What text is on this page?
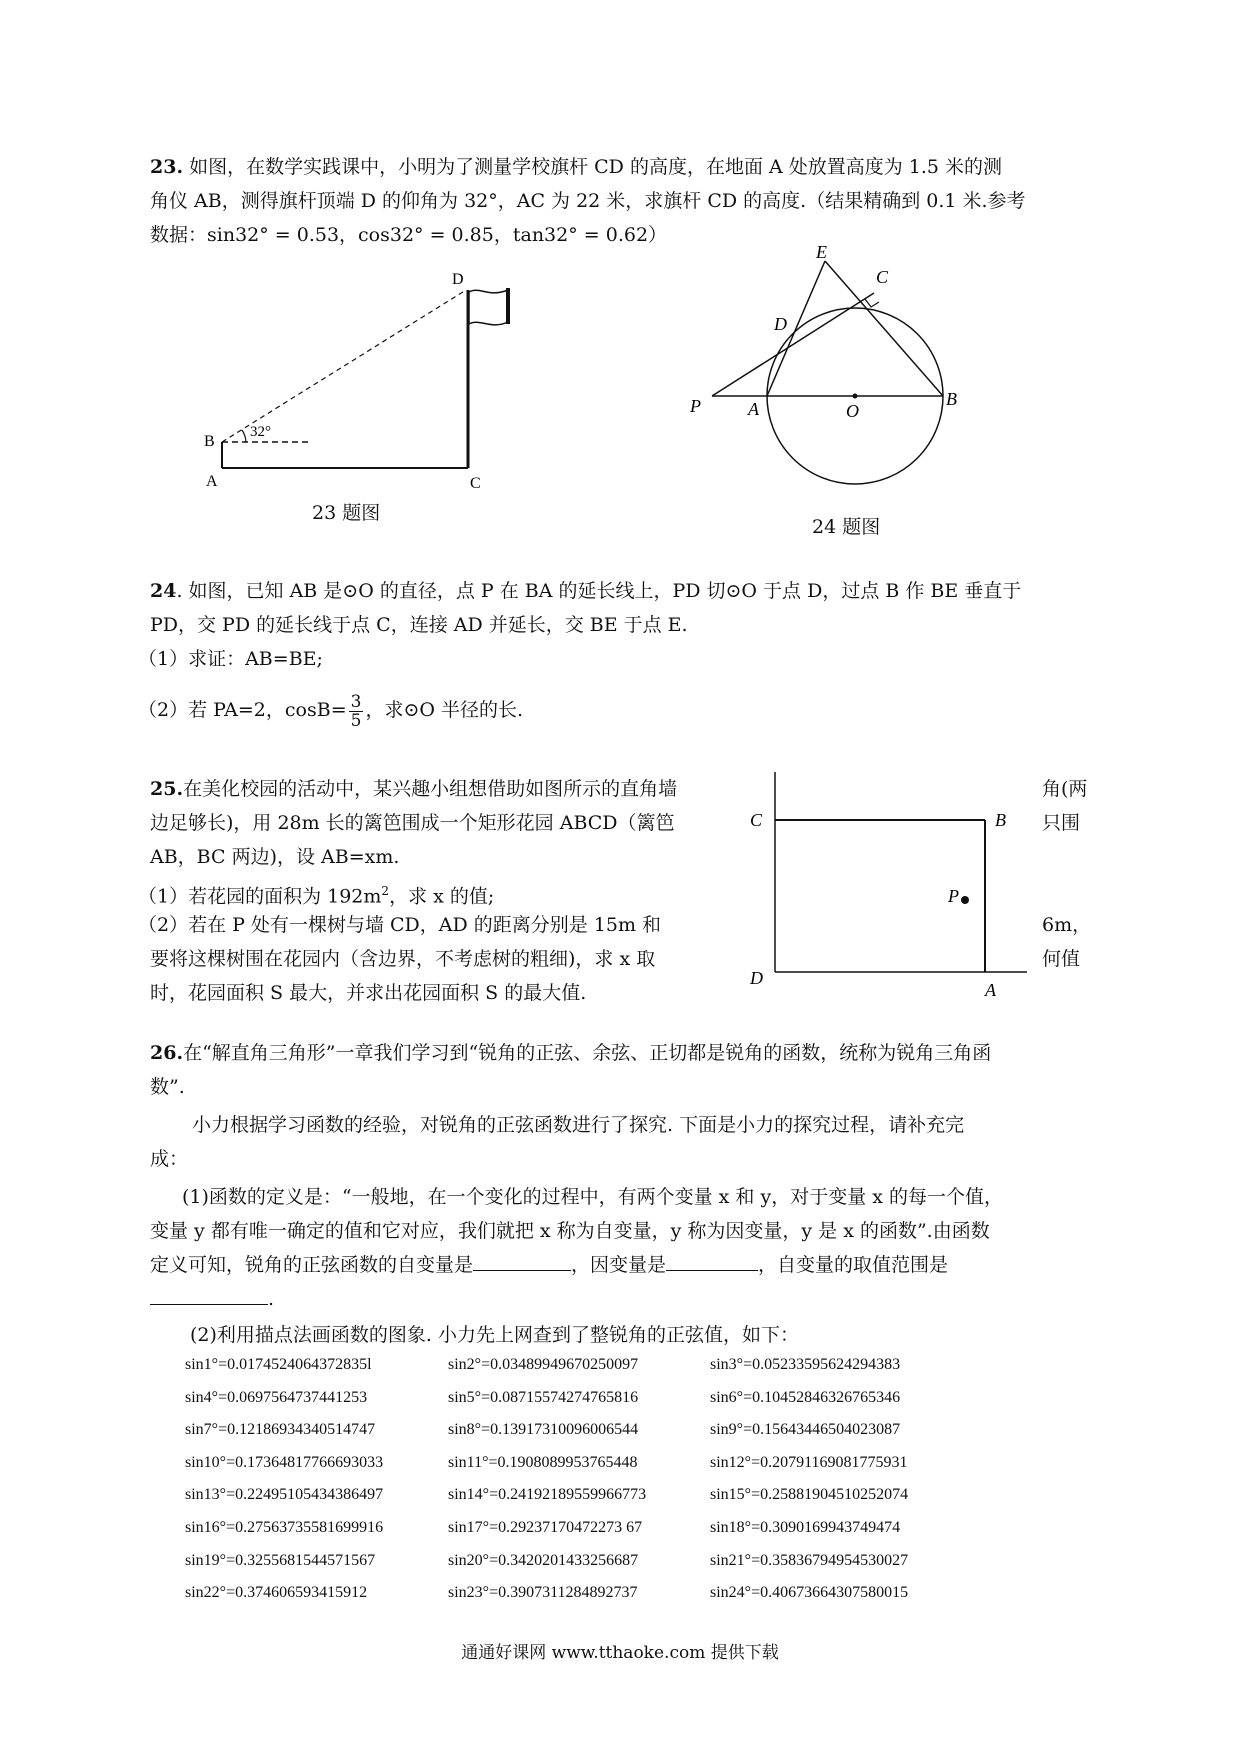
23. 如图，在数学实践课中，小明为了测量学校旗杆 CD 的高度，在地面 A 处放置高度为 1.5 米的测
角仪 AB，测得旗杆顶端 D 的仰角为 32°，AC 为 22 米，求旗杆 CD 的高度.（结果精确到 0.1 米.参考
数据：sin32° = 0.53，cos32° = 0.85，tan32° = 0.62）
32°
B
A	C
D
23 题图
E
C
D
P	A	O
B
24 题图
24. 如图，已知 AB 是⊙O 的直径，点 P 在 BA 的延长线上，PD 切⊙O 于点 D，过点 B 作 BE 垂直于
PD，交 PD 的延长线于点 C，连接 AD 并延长，交 BE 于点 E.
（1）求证：AB=BE;
（2）若 PA=2，$\cos B= \frac{3}{5}$ ，求⊙O 半径的长.
25.在美化校园的活动中，某兴趣小组想借助如图所示的直角墙	角(两
边足够长)，用 28m 长的篱笆围成一个矩形花园 ABCD（篱笆	只围
AB，BC 两边)，设 AB=xm.
（1）若花园的面积为 $192m^2$，求 x 的值;
（2）若在 P 处有一棵树与墙 CD，AD 的距离分别是 15m 和	6m，
要将这棵树围在花园内（含边界，不考虑树的粗细)，求 x 取	何值
时，花园面积 S 最大，并求出花园面积 S 的最大值.
C	B
P
D
A
26.在“解直角三角形”一章我们学习到“锐角的正弦、余弦、正切都是锐角的函数，统称为锐角三角函
数”.
小力根据学习函数的经验，对锐角的正弦函数进行了探究. 下面是小力的探究过程，请补充完
成：
(1)函数的定义是：“一般地，在一个变化的过程中，有两个变量 x 和 y，对于变量 x 的每一个值，
变量 y 都有唯一确定的值和它对应，我们就把 x 称为自变量，y 称为因变量，y 是 x 的函数”.由函数
定义可知，锐角的正弦函数的自变量是	，因变量是	，自变量的取值范围是
.
(2)利用描点法画函数的图象. 小力先上网查到了整锐角的正弦值，如下：
sin1°=0.0174524064372835l	sin2°=0.03489949670250097	sin3°=0.05233595624294383
sin4°=0.0697564737441253	sin5°=0.08715574274765816	sin6°=0.10452846326765346
sin7°=0.12186934340514747	sin8°=0.13917310096006544	sin9°=0.15643446504023087
sin10°=0.17364817766693033	sin11°=0.1908089953765448	sin12°=0.20791169081775931
sin13°=0.22495105434386497	sin14°=0.24192189559966773	sin15°=0.25881904510252074
sin16°=0.27563735581699916	sin17°=0.29237170472273 67	sin18°=0.3090169943749474
sin19°=0.3255681544571567	sin20°=0.3420201433256687	sin21°=0.35836794954530027
sin22°=0.374606593415912	sin23°=0.3907311284892737	sin24°=0.40673664307580015
通通好课网 www.tthaoke.com 提供下载
